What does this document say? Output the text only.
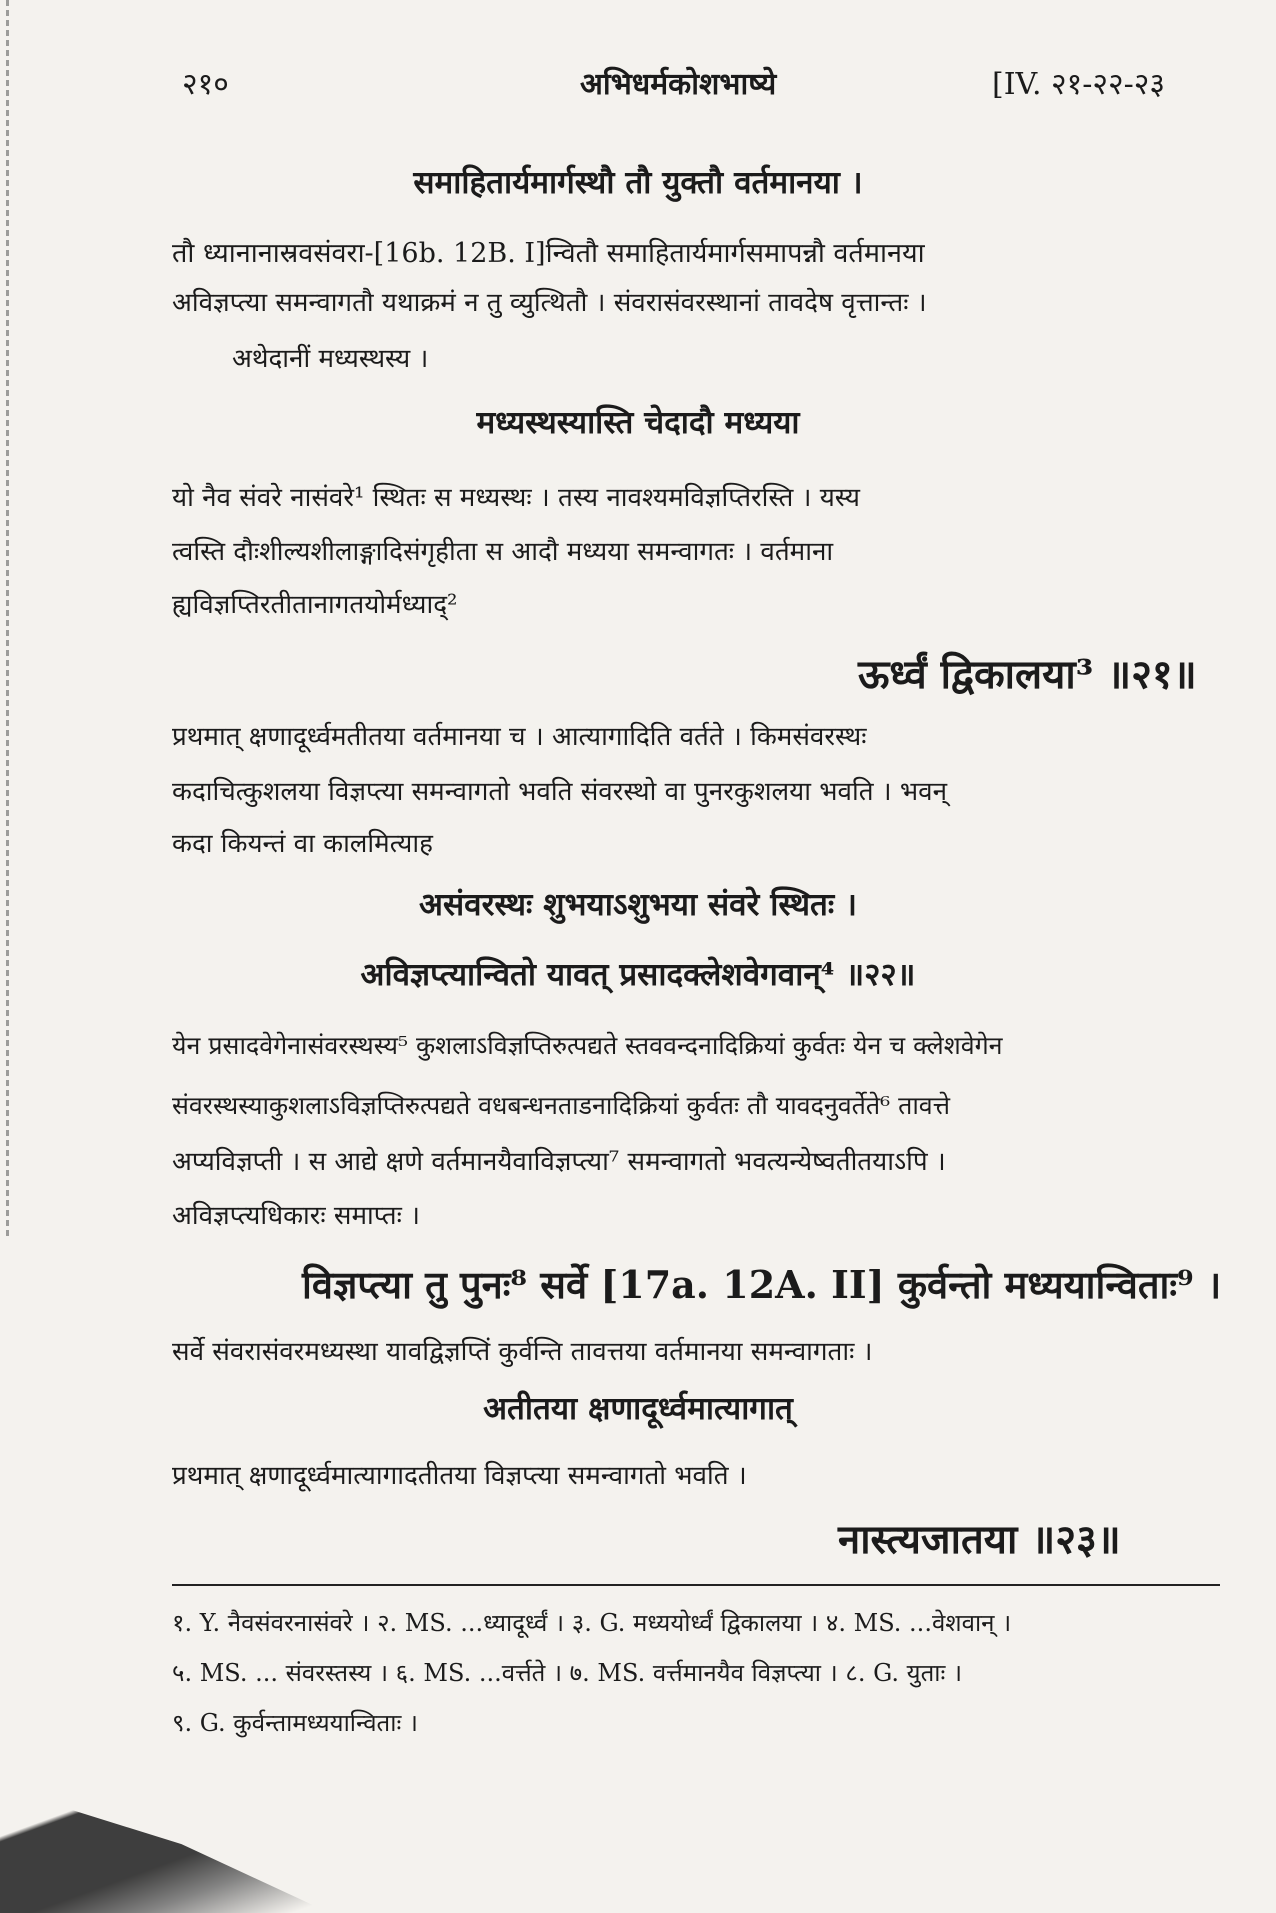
२१०	अभिधर्मकोशभाष्ये	[IV. २१-२२-२३
समाहितार्यमार्गस्थौ तौ युक्तौ वर्तमानया ।
तौ ध्यानानास्रवसंवरा-[16b. 12B. I]न्वितौ समाहितार्यमार्गसमापन्नौ वर्तमानया
अविज्ञप्त्या समन्वागतौ यथाक्रमं न तु व्युत्थितौ । संवरासंवरस्थानां तावदेष वृत्तान्तः ।
अथेदानीं मध्यस्थस्य ।
मध्यस्थस्यास्ति चेदादौ मध्यया
यो नैव संवरे नासंवरे¹ स्थितः स मध्यस्थः । तस्य नावश्यमविज्ञप्तिरस्ति । यस्य
त्वस्ति दौःशील्यशीलाङ्गादिसंगृहीता स आदौ मध्यया समन्वागतः । वर्तमाना
ह्यविज्ञप्तिरतीतानागतयोर्मध्याद्²
ऊर्ध्वं द्विकालया³ ॥२१॥
प्रथमात् क्षणादूर्ध्वमतीतया वर्तमानया च । आत्यागादिति वर्तते । किमसंवरस्थः
कदाचित्कुशलया विज्ञप्त्या समन्वागतो भवति संवरस्थो वा पुनरकुशलया भवति । भवन्
कदा कियन्तं वा कालमित्याह
असंवरस्थः शुभयाऽशुभया संवरे स्थितः ।
अविज्ञप्त्यान्वितो यावत् प्रसादक्लेशवेगवान्⁴ ॥२२॥
येन प्रसादवेगेनासंवरस्थस्य⁵ कुशलाऽविज्ञप्तिरुत्पद्यते स्तववन्दनादिक्रियां कुर्वतः येन च क्लेशवेगेन
संवरस्थस्याकुशलाऽविज्ञप्तिरुत्पद्यते वधबन्धनताडनादिक्रियां कुर्वतः तौ यावदनुवर्तेते⁶ तावत्ते
अप्यविज्ञप्ती । स आद्ये क्षणे वर्तमानयैवाविज्ञप्त्या⁷ समन्वागतो भवत्यन्येष्वतीतयाऽपि ।
अविज्ञप्त्यधिकारः समाप्तः ।
विज्ञप्त्या तु पुनः⁸ सर्वे [17a. 12A. II] कुर्वन्तो मध्ययान्विताः⁹ ।
सर्वे संवरासंवरमध्यस्था यावद्विज्ञप्तिं कुर्वन्ति तावत्तया वर्तमानया समन्वागताः ।
अतीतया क्षणादूर्ध्वमात्यागात्
प्रथमात् क्षणादूर्ध्वमात्यागादतीतया विज्ञप्त्या समन्वागतो भवति ।
नास्त्यजातया ॥२३॥
१. Y. नैवसंवरनासंवरे । २. MS. ...ध्यादूर्ध्वं । ३. G. मध्ययोर्ध्वं द्विकालया । ४. MS. ...वेशवान् ।
५. MS. ... संवरस्तस्य । ६. MS. ...वर्त्तते । ७. MS. वर्त्तमानयैव विज्ञप्त्या । ८. G. युताः ।
९. G. कुर्वन्तामध्ययान्विताः ।
